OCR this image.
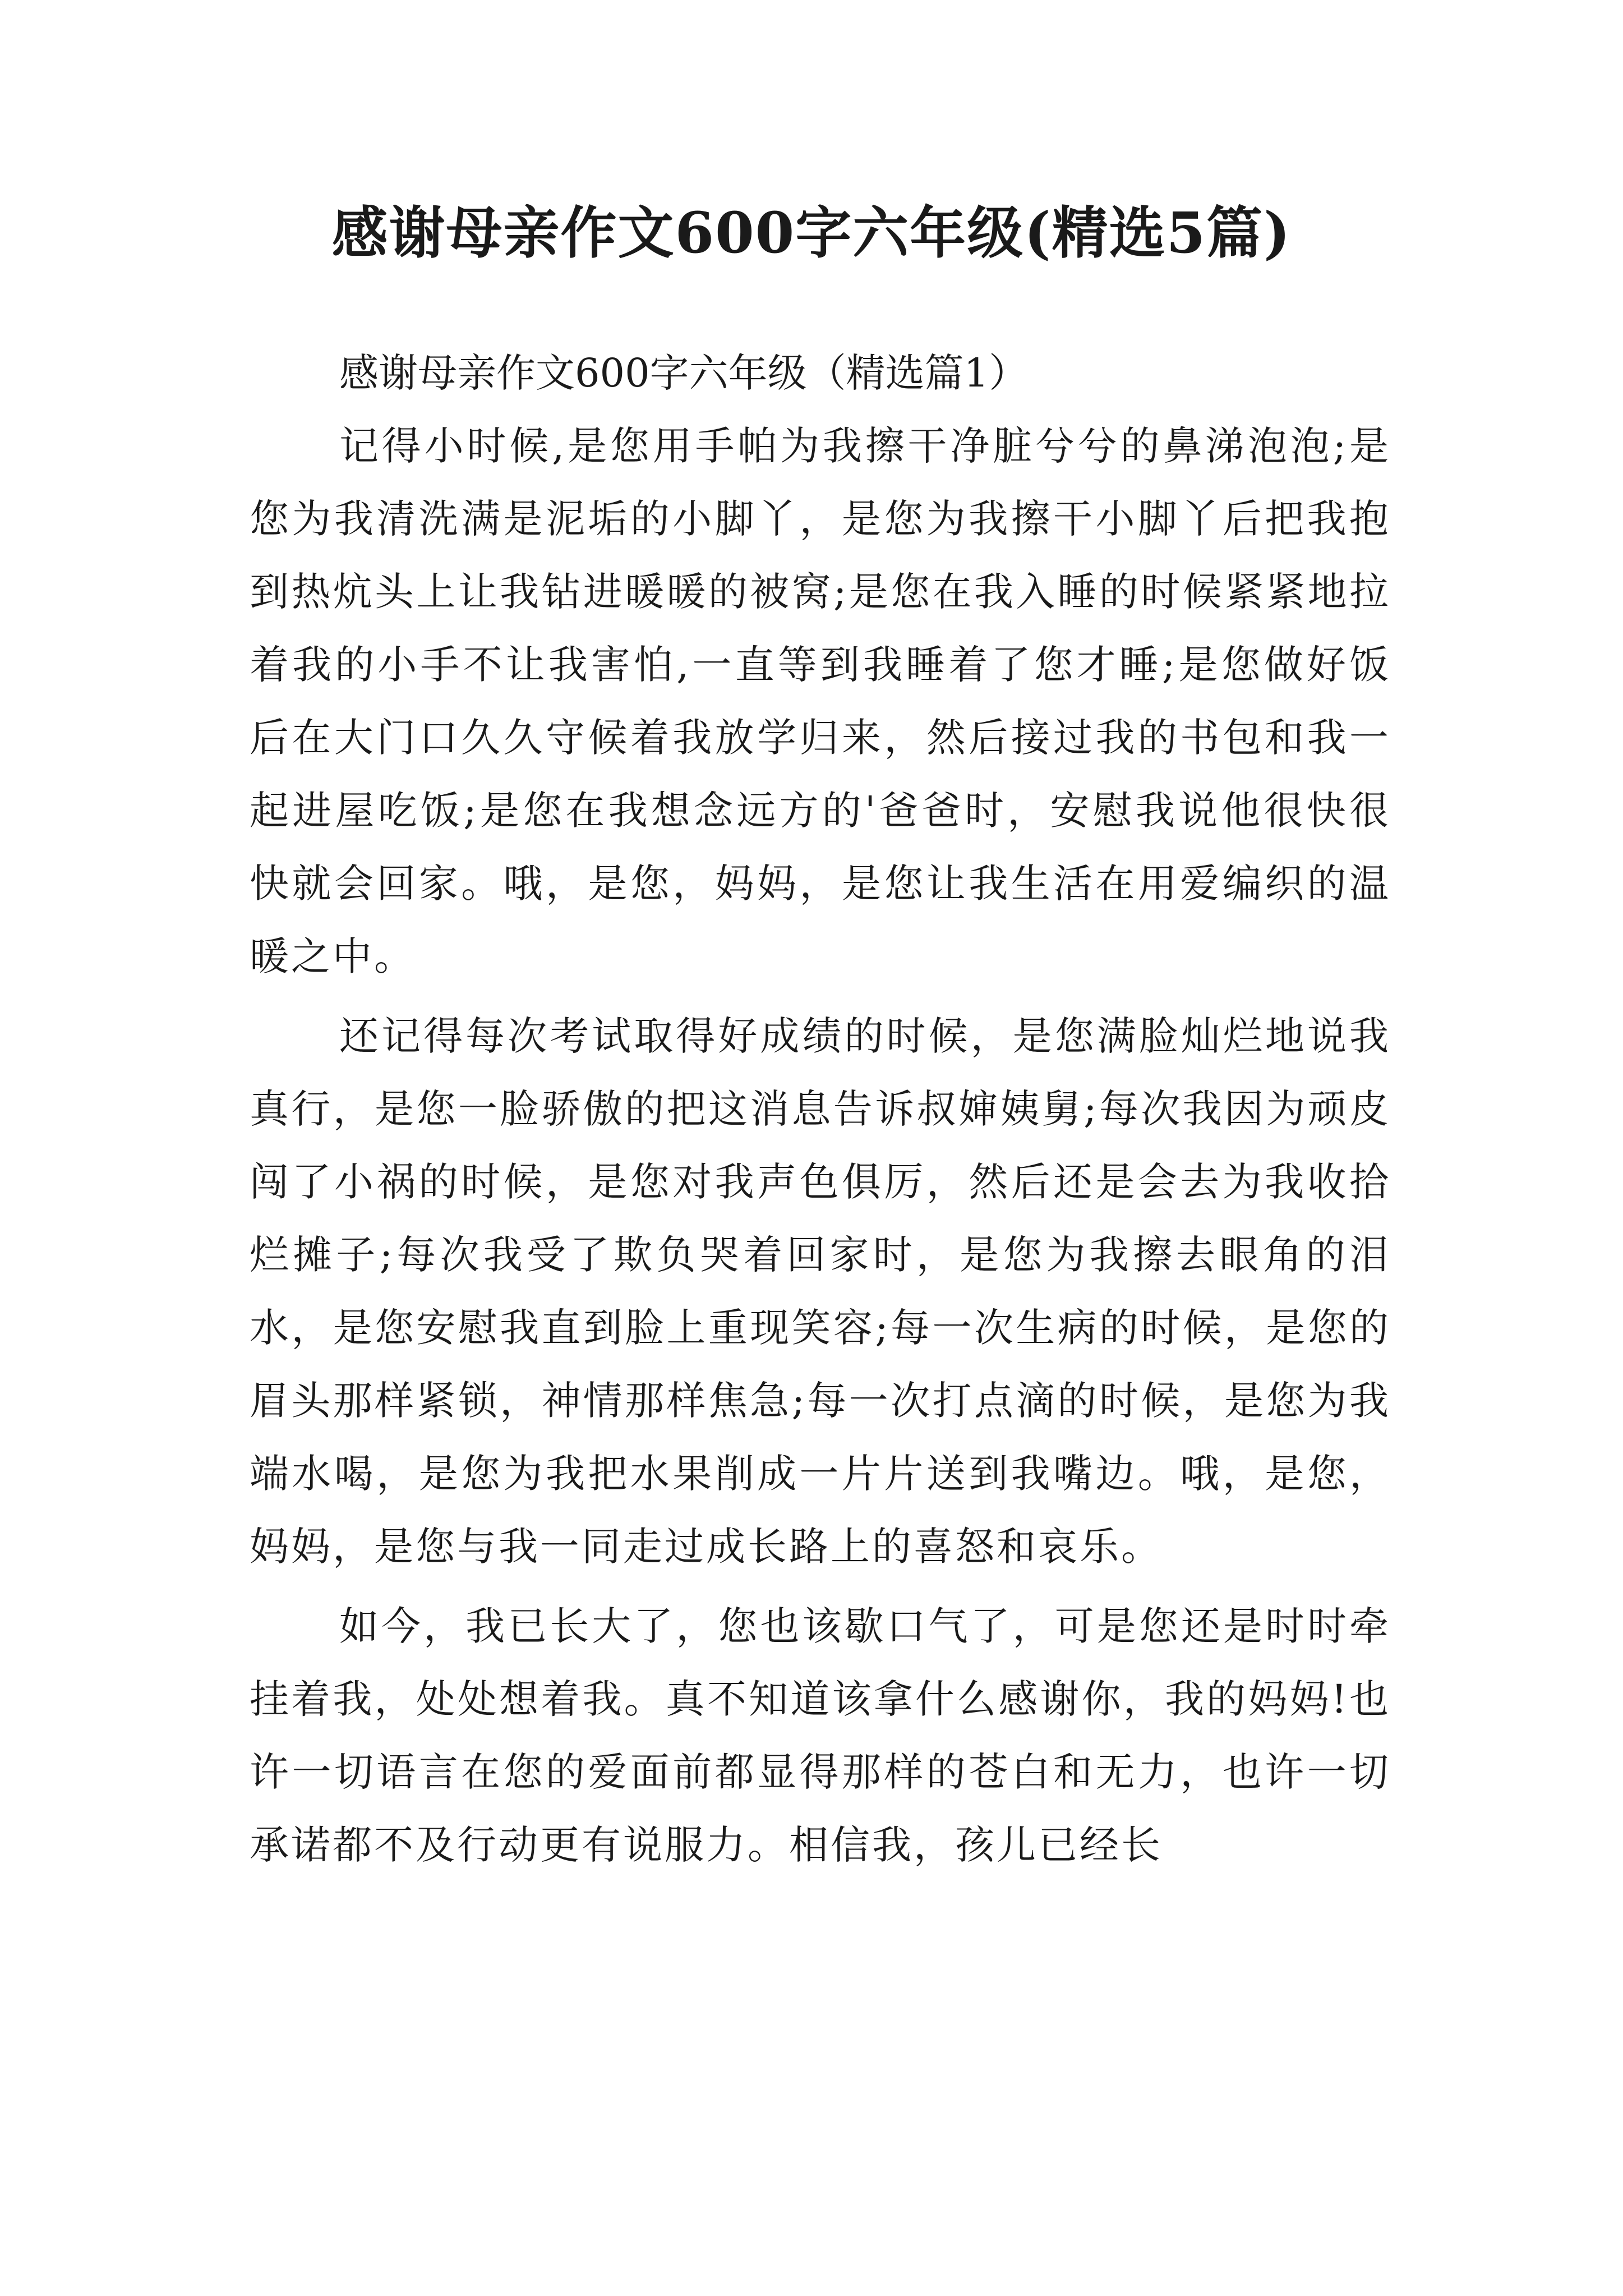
感谢母亲作文600字六年级(精选5篇)

感谢母亲作文600字六年级（精选篇1）

记得小时候,是您用手帕为我擦干净脏兮兮的鼻涕泡泡;是您为我清洗满是泥垢的小脚丫，是您为我擦干小脚丫后把我抱到热炕头上让我钻进暖暖的被窝;是您在我入睡的时候紧紧地拉着我的小手不让我害怕,一直等到我睡着了您才睡;是您做好饭后在大门口久久守候着我放学归来，然后接过我的书包和我一起进屋吃饭;是您在我想念远方的'爸爸时，安慰我说他很快很快就会回家。哦，是您，妈妈，是您让我生活在用爱编织的温暖之中。

还记得每次考试取得好成绩的时候，是您满脸灿烂地说我真行，是您一脸骄傲的把这消息告诉叔婶姨舅;每次我因为顽皮闯了小祸的时候，是您对我声色俱厉，然后还是会去为我收拾烂摊子;每次我受了欺负哭着回家时，是您为我擦去眼角的泪水，是您安慰我直到脸上重现笑容;每一次生病的时候，是您的眉头那样紧锁，神情那样焦急;每一次打点滴的时候，是您为我端水喝，是您为我把水果削成一片片送到我嘴边。哦，是您，妈妈，是您与我一同走过成长路上的喜怒和哀乐。

如今，我已长大了，您也该歇口气了，可是您还是时时牵挂着我，处处想着我。真不知道该拿什么感谢你，我的妈妈!也许一切语言在您的爱面前都显得那样的苍白和无力，也许一切承诺都不及行动更有说服力。相信我，孩儿已经长
